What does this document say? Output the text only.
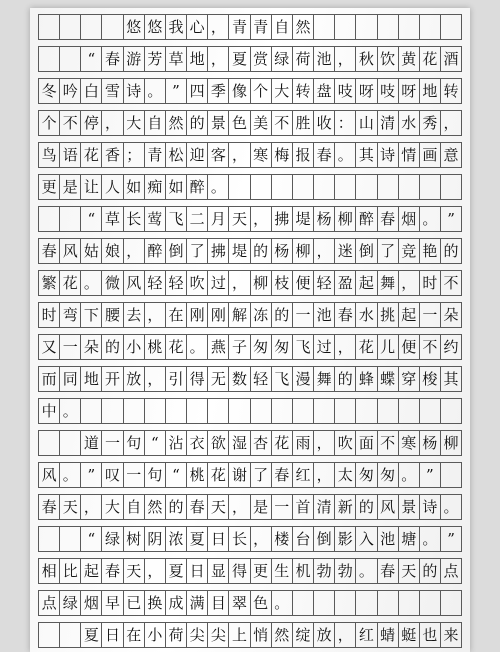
悠 悠 我 心 ， 青 青 自 然
“ 春 游 芳 草 地 ， 夏 赏 绿 荷 池 ， 秋 饮 黄 花 酒
冬 吟 白 雪 诗 。 ” 四 季 像 个 大 转 盘 吱 呀 吱 呀 地 转
个 不 停 ， 大 自 然 的 景 色 美 不 胜 收 ： 山 清 水 秀 ，
鸟 语 花 香 ； 青 松 迎 客 ， 寒 梅 报 春 。 其 诗 情 画 意
更 是 让 人 如 痴 如 醉 。
“ 草 长 莺 飞 二 月 天 ， 拂 堤 杨 柳 醉 春 烟 。 ”
春 风 姑 娘 ， 醉 倒 了 拂 堤 的 杨 柳 ， 迷 倒 了 竞 艳 的
繁 花 。 微 风 轻 轻 吹 过 ， 柳 枝 便 轻 盈 起 舞 ， 时 不
时 弯 下 腰 去 ， 在 刚 刚 解 冻 的 一 池 春 水 挑 起 一 朵
又 一 朵 的 小 桃 花 。 燕 子 匆 匆 飞 过 ， 花 儿 便 不 约
而 同 地 开 放 ， 引 得 无 数 轻 飞 漫 舞 的 蜂 蝶 穿 梭 其
中 。
道 一 句 “ 沾 衣 欲 湿 杏 花 雨 ， 吹 面 不 寒 杨 柳
风 。 ” 叹 一 句 “ 桃 花 谢 了 春 红 ， 太 匆 匆 。 ”
春 天 ， 大 自 然 的 春 天 ， 是 一 首 清 新 的 风 景 诗 。
“ 绿 树 阴 浓 夏 日 长 ， 楼 台 倒 影 入 池 塘 。 ”
相 比 起 春 天 ， 夏 日 显 得 更 生 机 勃 勃 。 春 天 的 点
点 绿 烟 早 已 换 成 满 目 翠 色 。
夏 日 在 小 荷 尖 尖 上 悄 然 绽 放 ， 红 蜻 蜓 也 来
